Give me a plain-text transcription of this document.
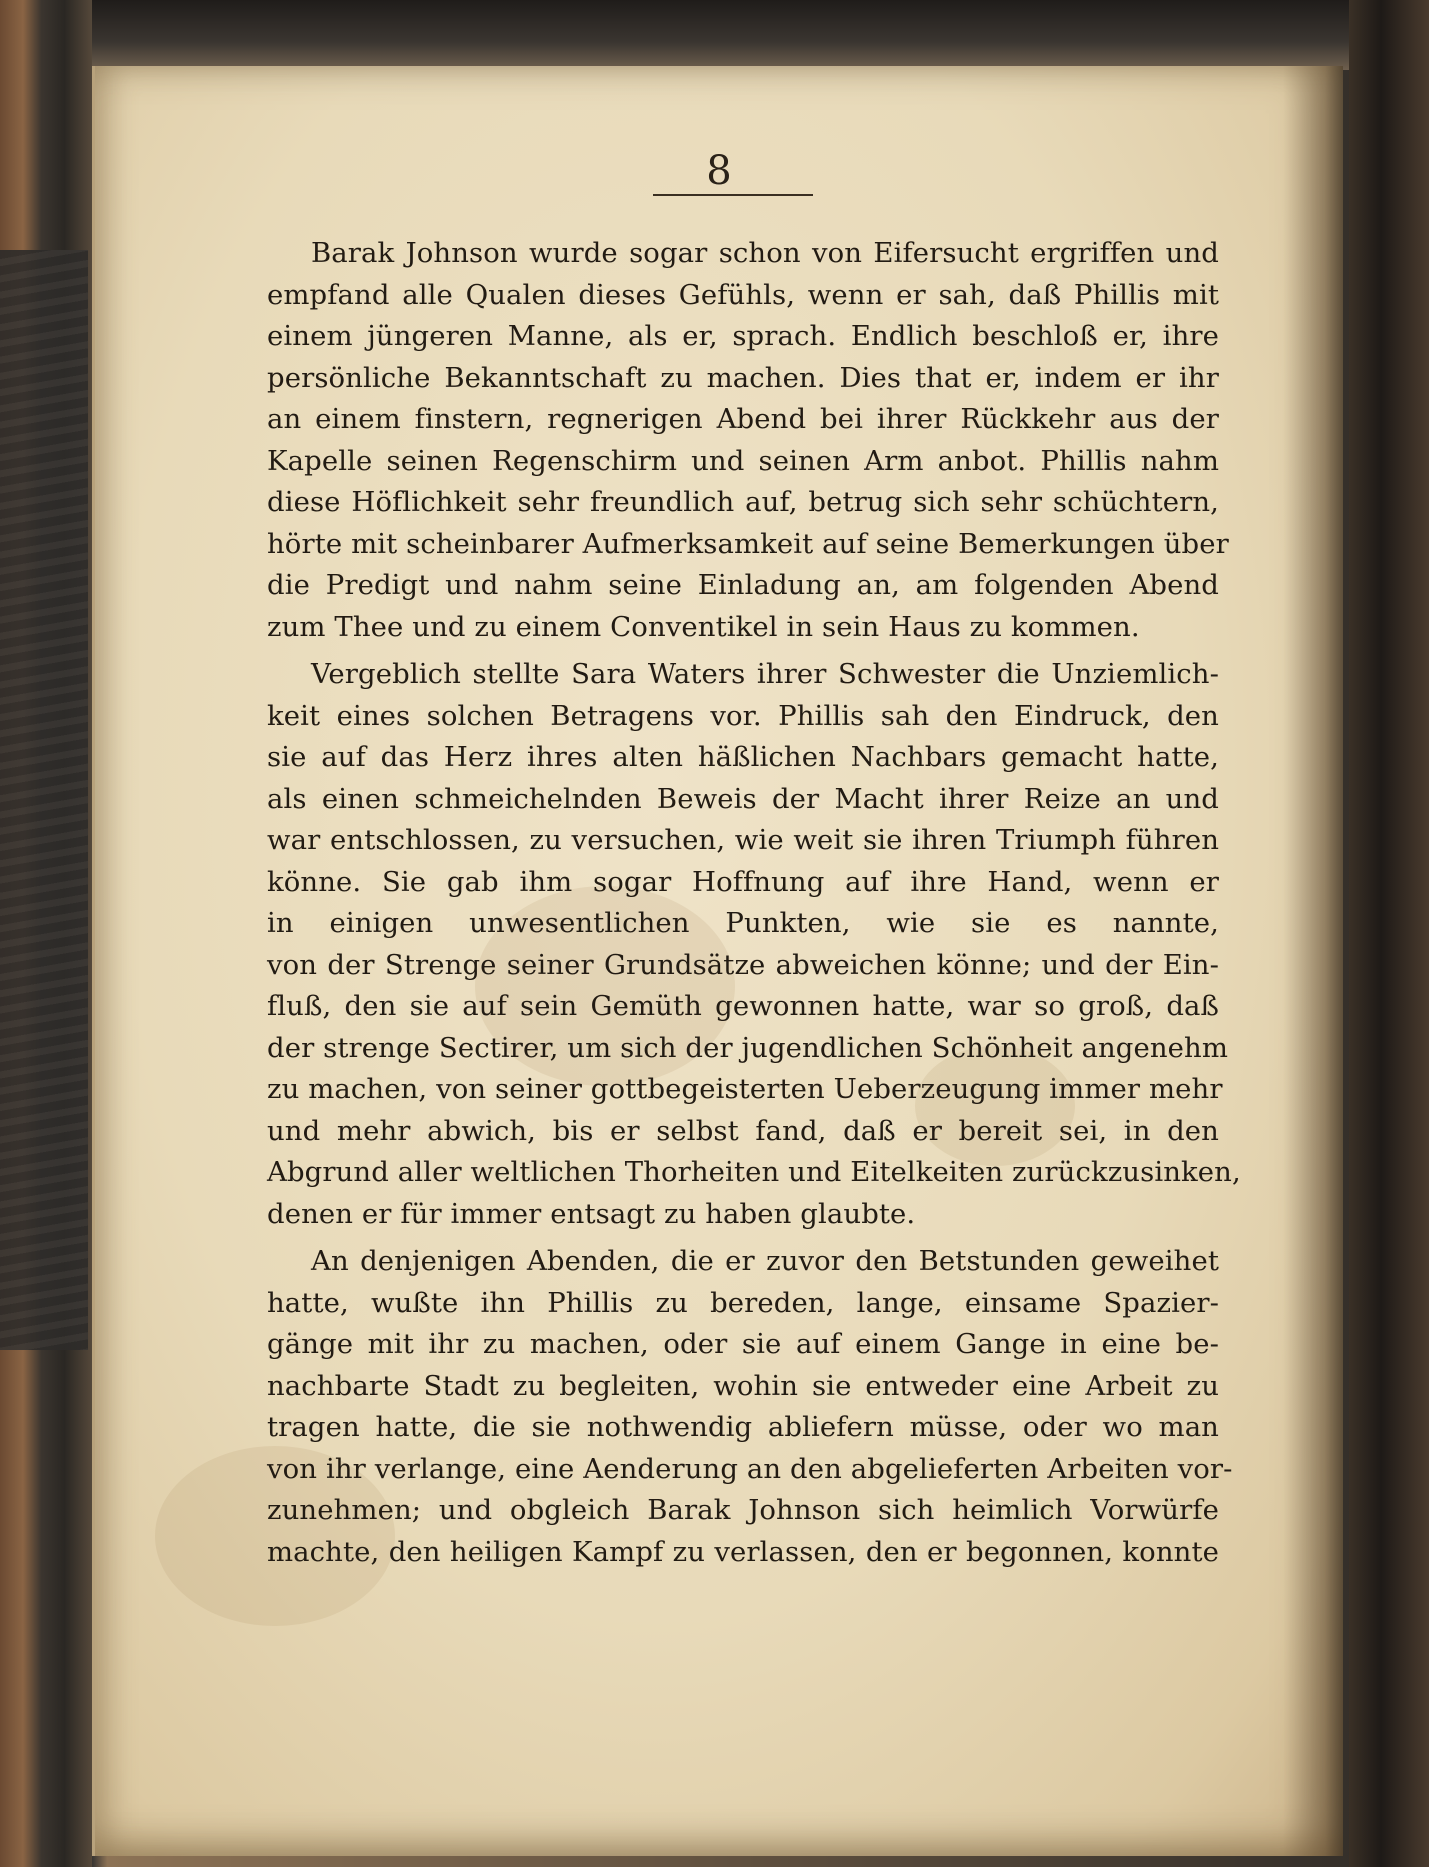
8

Barak Johnson wurde sogar schon von Eifersucht ergriffen und
empfand alle Qualen dieses Gefühls, wenn er sah, daß Phillis mit
einem jüngeren Manne, als er, sprach. Endlich beschloß er, ihre
persönliche Bekanntschaft zu machen. Dies that er, indem er ihr
an einem finstern, regnerigen Abend bei ihrer Rückkehr aus der
Kapelle seinen Regenschirm und seinen Arm anbot. Phillis nahm
diese Höflichkeit sehr freundlich auf, betrug sich sehr schüchtern,
hörte mit scheinbarer Aufmerksamkeit auf seine Bemerkungen über
die Predigt und nahm seine Einladung an, am folgenden Abend
zum Thee und zu einem Conventikel in sein Haus zu kommen.
Vergeblich stellte Sara Waters ihrer Schwester die Unziemlich-
keit eines solchen Betragens vor. Phillis sah den Eindruck, den
sie auf das Herz ihres alten häßlichen Nachbars gemacht hatte,
als einen schmeichelnden Beweis der Macht ihrer Reize an und
war entschlossen, zu versuchen, wie weit sie ihren Triumph führen
könne. Sie gab ihm sogar Hoffnung auf ihre Hand, wenn er
in einigen unwesentlichen Punkten, wie sie es nannte,
von der Strenge seiner Grundsätze abweichen könne; und der Ein-
fluß, den sie auf sein Gemüth gewonnen hatte, war so groß, daß
der strenge Sectirer, um sich der jugendlichen Schönheit angenehm
zu machen, von seiner gottbegeisterten Ueberzeugung immer mehr
und mehr abwich, bis er selbst fand, daß er bereit sei, in den
Abgrund aller weltlichen Thorheiten und Eitelkeiten zurückzusinken,
denen er für immer entsagt zu haben glaubte.
An denjenigen Abenden, die er zuvor den Betstunden geweihet
hatte, wußte ihn Phillis zu bereden, lange, einsame Spazier-
gänge mit ihr zu machen, oder sie auf einem Gange in eine be-
nachbarte Stadt zu begleiten, wohin sie entweder eine Arbeit zu
tragen hatte, die sie nothwendig abliefern müsse, oder wo man
von ihr verlange, eine Aenderung an den abgelieferten Arbeiten vor-
zunehmen; und obgleich Barak Johnson sich heimlich Vorwürfe
machte, den heiligen Kampf zu verlassen, den er begonnen, konnte
